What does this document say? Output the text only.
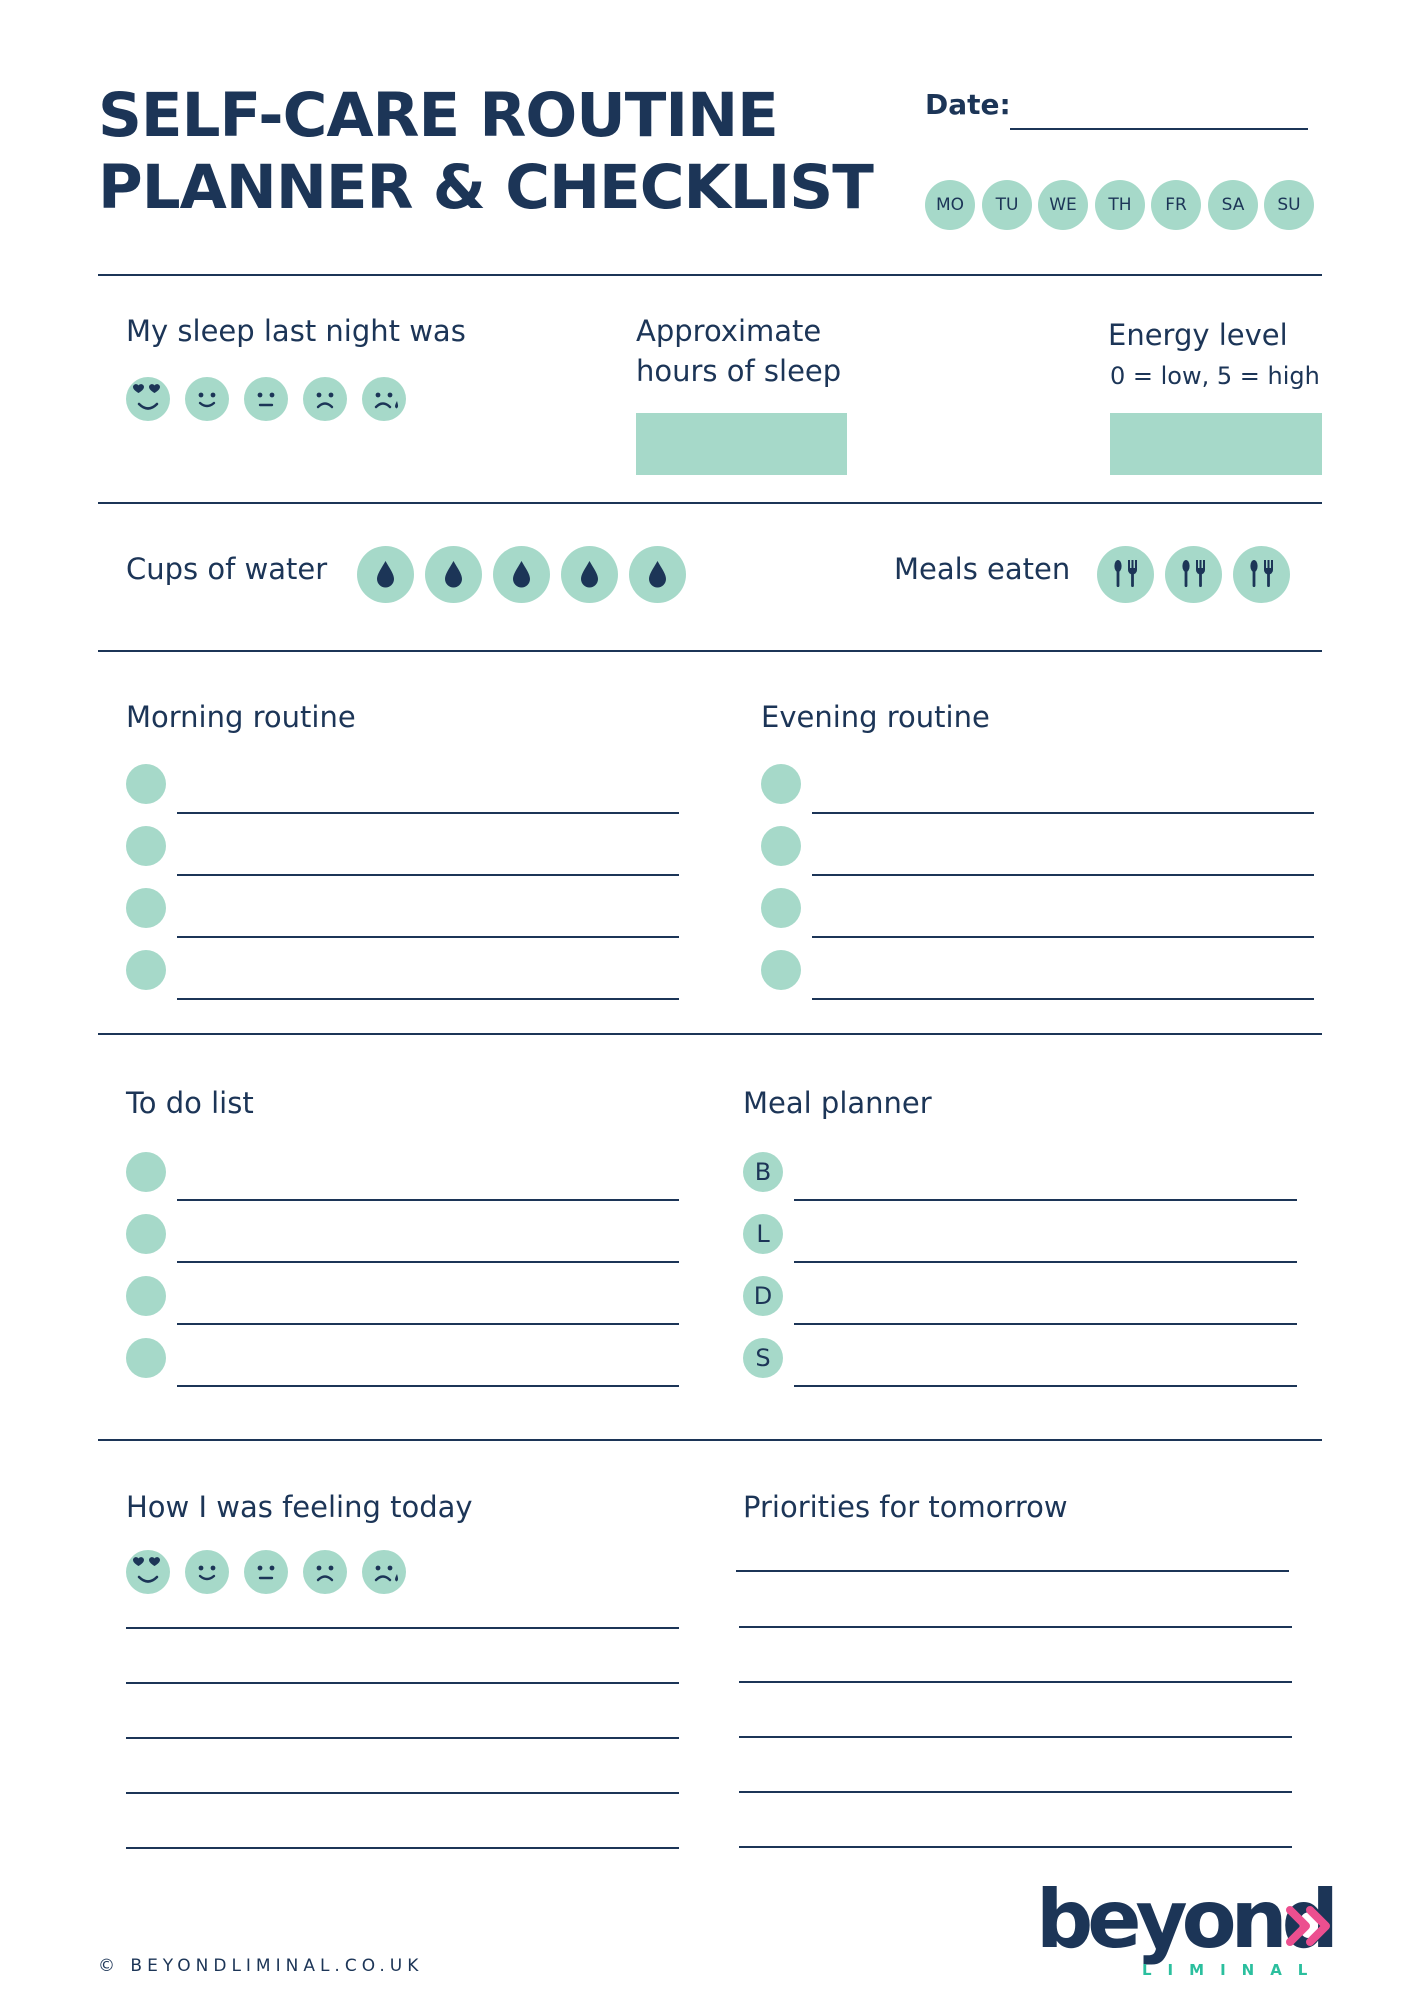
SELF-CARE ROUTINE
PLANNER & CHECKLIST
Date:
MO	TU	WE	TH	FR	SA	SU
My sleep last night was	Approximate
hours of sleep
Energy level
0 = low, 5 = high
Cups of water	Meals eaten
Morning routine	Evening routine
To do list	Meal planner
B
L
D
S
How I was feeling today	Priorities for tomorrow
© BEYONDLIMINAL.CO.UK	beyond
LIMINAL
